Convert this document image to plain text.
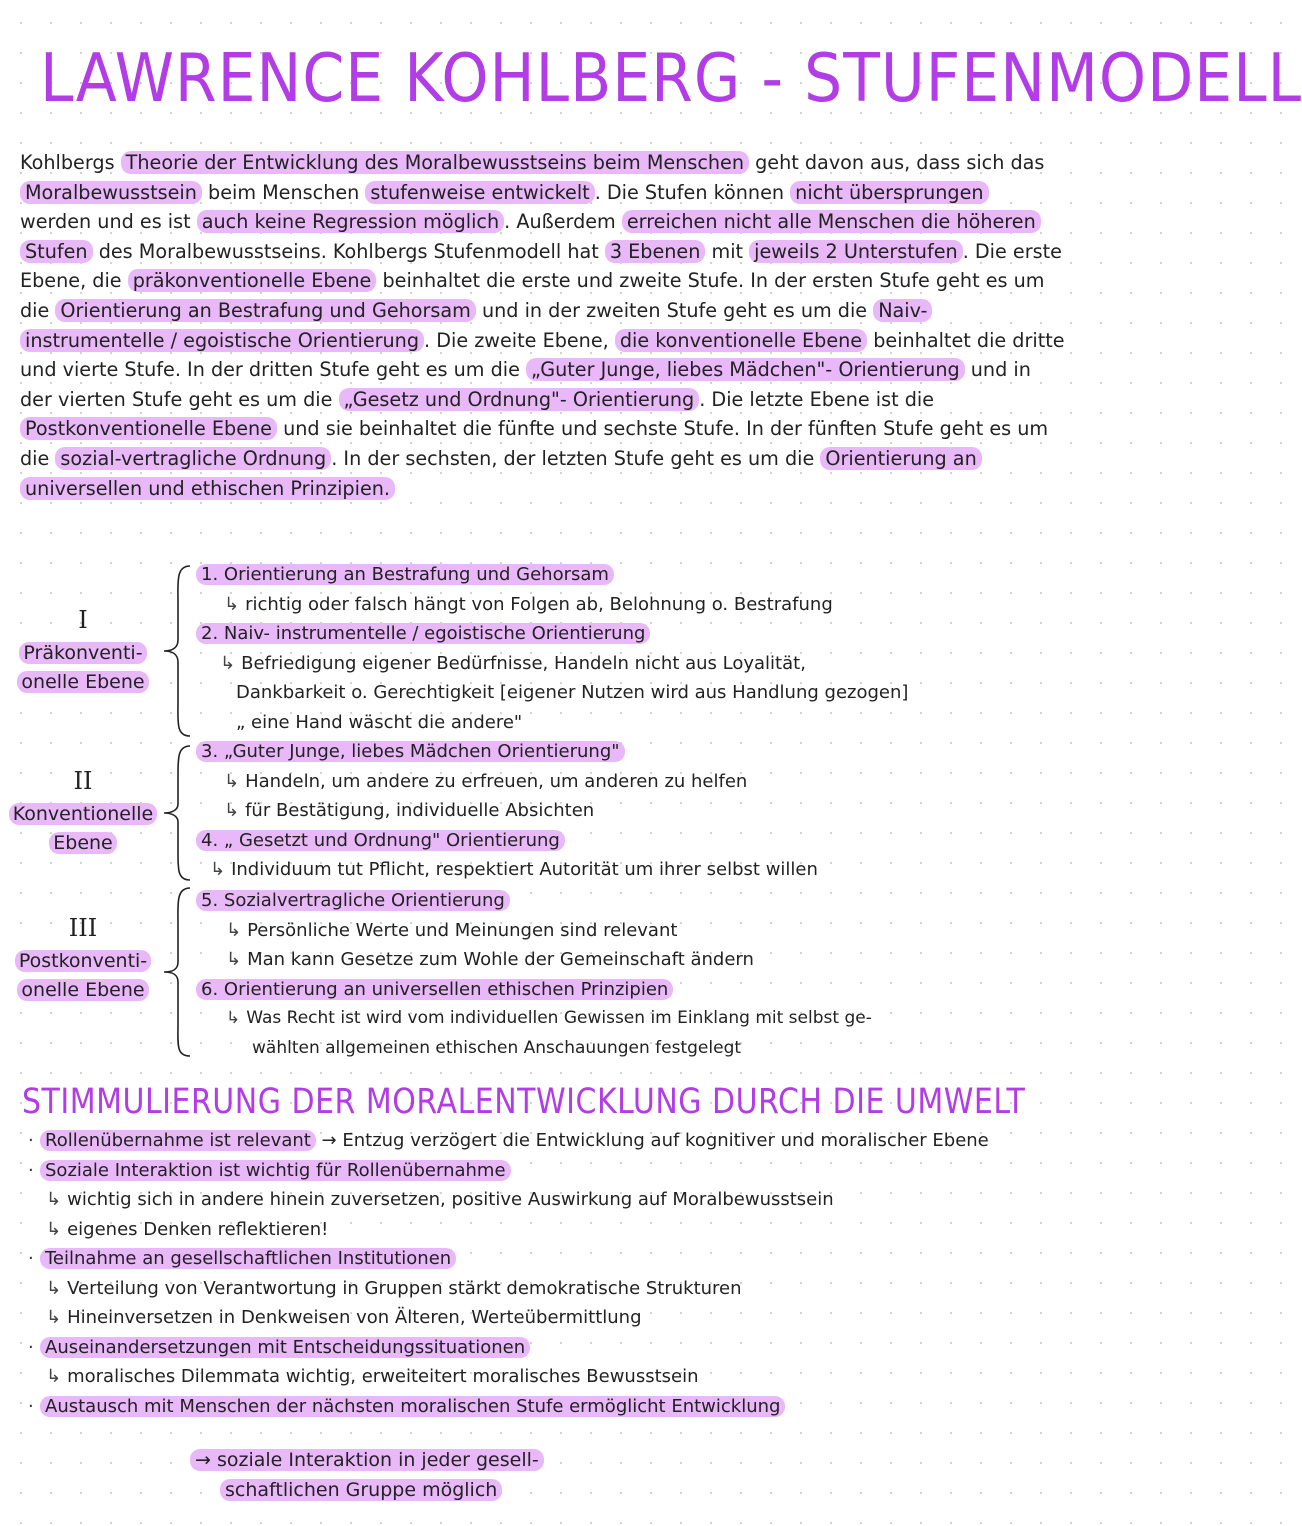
LAWRENCE KOHLBERG - STUFENMODELL
Kohlbergs Theorie der Entwicklung des Moralbewusstseins beim Menschen geht davon aus, dass sich das Moralbewusstsein beim Menschen stufenweise entwickelt . Die Stufen können nicht übersprungen werden und es ist auch keine Regression möglich . Außerdem erreichen nicht alle Menschen die höheren Stufen des Moralbewusstseins. Kohlbergs Stufenmodell hat 3 Ebenen mit jeweils 2 Unterstufen . Die erste Ebene, die präkonventionelle Ebene beinhaltet die erste und zweite Stufe. In der ersten Stufe geht es um die Orientierung an Bestrafung und Gehorsam und in der zweiten Stufe geht es um die Naiv-instrumentelle / egoistische Orientierung . Die zweite Ebene, die konventionelle Ebene beinhaltet die dritte und vierte Stufe. In der dritten Stufe geht es um die „Guter Junge, liebes Mädchen"- Orientierung und in der vierten Stufe geht es um die „Gesetz und Ordnung"- Orientierung . Die letzte Ebene ist die Postkonventionelle Ebene und sie beinhaltet die fünfte und sechste Stufe. In der fünften Stufe geht es um die sozial-vertragliche Ordnung . In der sechsten, der letzten Stufe geht es um die Orientierung an universellen und ethischen Prinzipien.
I
Präkonventi-onelle Ebene

1. Orientierung an Bestrafung und Gehorsam

↳ richtig oder falsch hängt von Folgen ab, Belohnung o. Bestrafung

2. Naiv- instrumentelle / egoistische Orientierung

↳ Befriedigung eigener Bedürfnisse, Handeln nicht aus Loyalität,

Dankbarkeit o. Gerechtigkeit [eigener Nutzen wird aus Handlung gezogen]

„ eine Hand wäscht die andere"

II
Konventionelle Ebene

3. „Guter Junge, liebes Mädchen Orientierung"

↳ Handeln, um andere zu erfreuen, um anderen zu helfen

↳ für Bestätigung, individuelle Absichten

4. „ Gesetzt und Ordnung" Orientierung

↳ Individuum tut Pflicht, respektiert Autorität um ihrer selbst willen

III
Postkonventi-onelle Ebene

5. Sozialvertragliche Orientierung

↳ Persönliche Werte und Meinungen sind relevant

↳ Man kann Gesetze zum Wohle der Gemeinschaft ändern

6. Orientierung an universellen ethischen Prinzipien

↳ Was Recht ist wird vom individuellen Gewissen im Einklang mit selbst ge-

wählten allgemeinen ethischen Anschauungen festgelegt

STIMMULIERUNG DER MORALENTWICKLUNG DURCH DIE UMWELT

· Rollenübernahme ist relevant → Entzug verzögert die Entwicklung auf kognitiver und moralischer Ebene

· Soziale Interaktion ist wichtig für Rollenübernahme

↳ wichtig sich in andere hinein zuversetzen, positive Auswirkung auf Moralbewusstsein

↳ eigenes Denken reflektieren!

· Teilnahme an gesellschaftlichen Institutionen

↳ Verteilung von Verantwortung in Gruppen stärkt demokratische Strukturen

↳ Hineinversetzen in Denkweisen von Älteren, Werteübermittlung

· Auseinandersetzungen mit Entscheidungssituationen

↳ moralisches Dilemmata wichtig, erweiteitert moralisches Bewusstsein

· Austausch mit Menschen der nächsten moralischen Stufe ermöglicht Entwicklung

→ soziale Interaktion in jeder gesell-
schaftlichen Gruppe möglich
